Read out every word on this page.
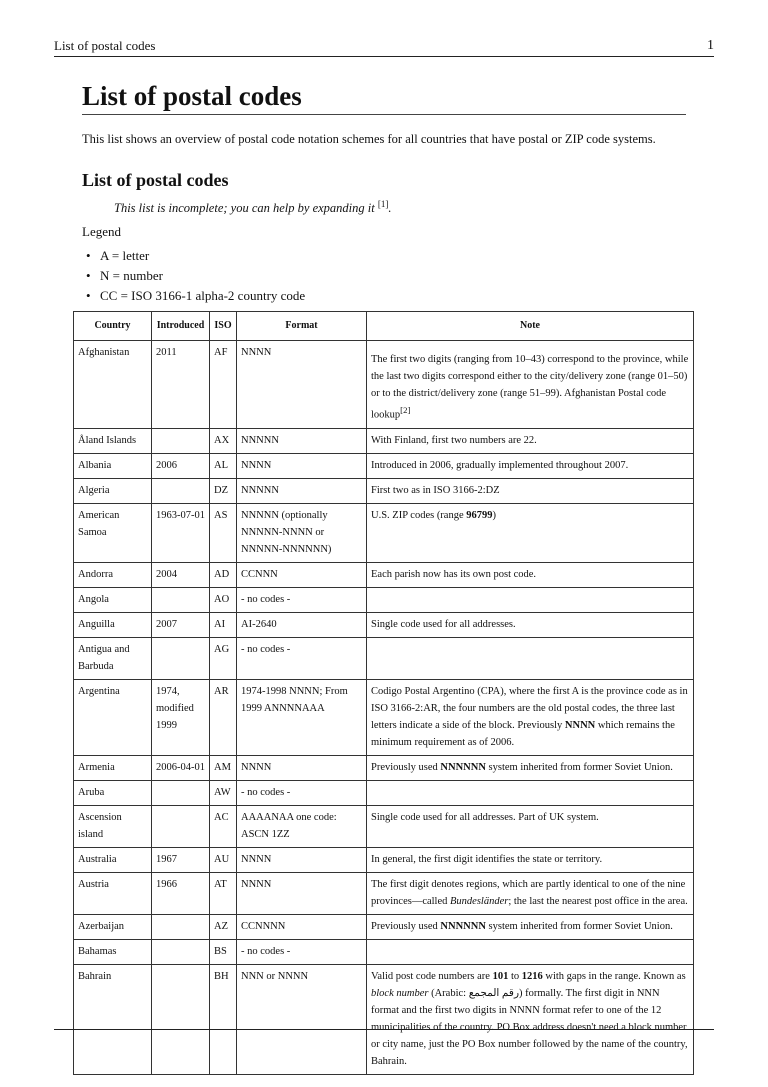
List of postal codes	1
List of postal codes

This list shows an overview of postal code notation schemes for all countries that have postal or ZIP code systems.

List of postal codes
This list is incomplete; you can help by expanding it [1].
Legend
• A = letter
• N = number
• CC = ISO 3166-1 alpha-2 country code
Country	Introduced	ISO	Format	Note
Afghanistan	2011	AF	NNNN	The first two digits (ranging from 10–43) correspond to the province, while the last two digits correspond either to the city/delivery zone (range 01–50) or to the district/delivery zone (range 51–99). Afghanistan Postal code lookup[2]
Åland Islands		AX	NNNNN	With Finland, first two numbers are 22.
Albania	2006	AL	NNNN	Introduced in 2006, gradually implemented throughout 2007.
Algeria		DZ	NNNNN	First two as in ISO 3166-2:DZ
American Samoa	1963-07-01	AS	NNNNN (optionally NNNNN-NNNN or NNNNN-NNNNNN)	U.S. ZIP codes (range 96799)
Andorra	2004	AD	CCNNN	Each parish now has its own post code.
Angola		AO	- no codes -	
Anguilla	2007	AI	AI-2640	Single code used for all addresses.
Antigua and Barbuda		AG	- no codes -	
Argentina	1974, modified 1999	AR	1974-1998 NNNN; From 1999 ANNNNAAA	Codigo Postal Argentino (CPA), where the first A is the province code as in ISO 3166-2:AR, the four numbers are the old postal codes, the three last letters indicate a side of the block. Previously NNNN which remains the minimum requirement as of 2006.
Armenia	2006-04-01	AM	NNNN	Previously used NNNNNN system inherited from former Soviet Union.
Aruba		AW	- no codes -	
Ascension island		AC	AAAANAA one code: ASCN 1ZZ	Single code used for all addresses. Part of UK system.
Australia	1967	AU	NNNN	In general, the first digit identifies the state or territory.
Austria	1966	AT	NNNN	The first digit denotes regions, which are partly identical to one of the nine provinces—called Bundesländer; the last the nearest post office in the area.
Azerbaijan		AZ	CCNNNN	Previously used NNNNNN system inherited from former Soviet Union.
Bahamas		BS	- no codes -	
Bahrain		BH	NNN or NNNN	Valid post code numbers are 101 to 1216 with gaps in the range. Known as block number (Arabic: رقم المجمع) formally. The first digit in NNN format and the first two digits in NNNN format refer to one of the 12 municipalities of the country. PO Box address doesn't need a block number or city name, just the PO Box number followed by the name of the country, Bahrain.
